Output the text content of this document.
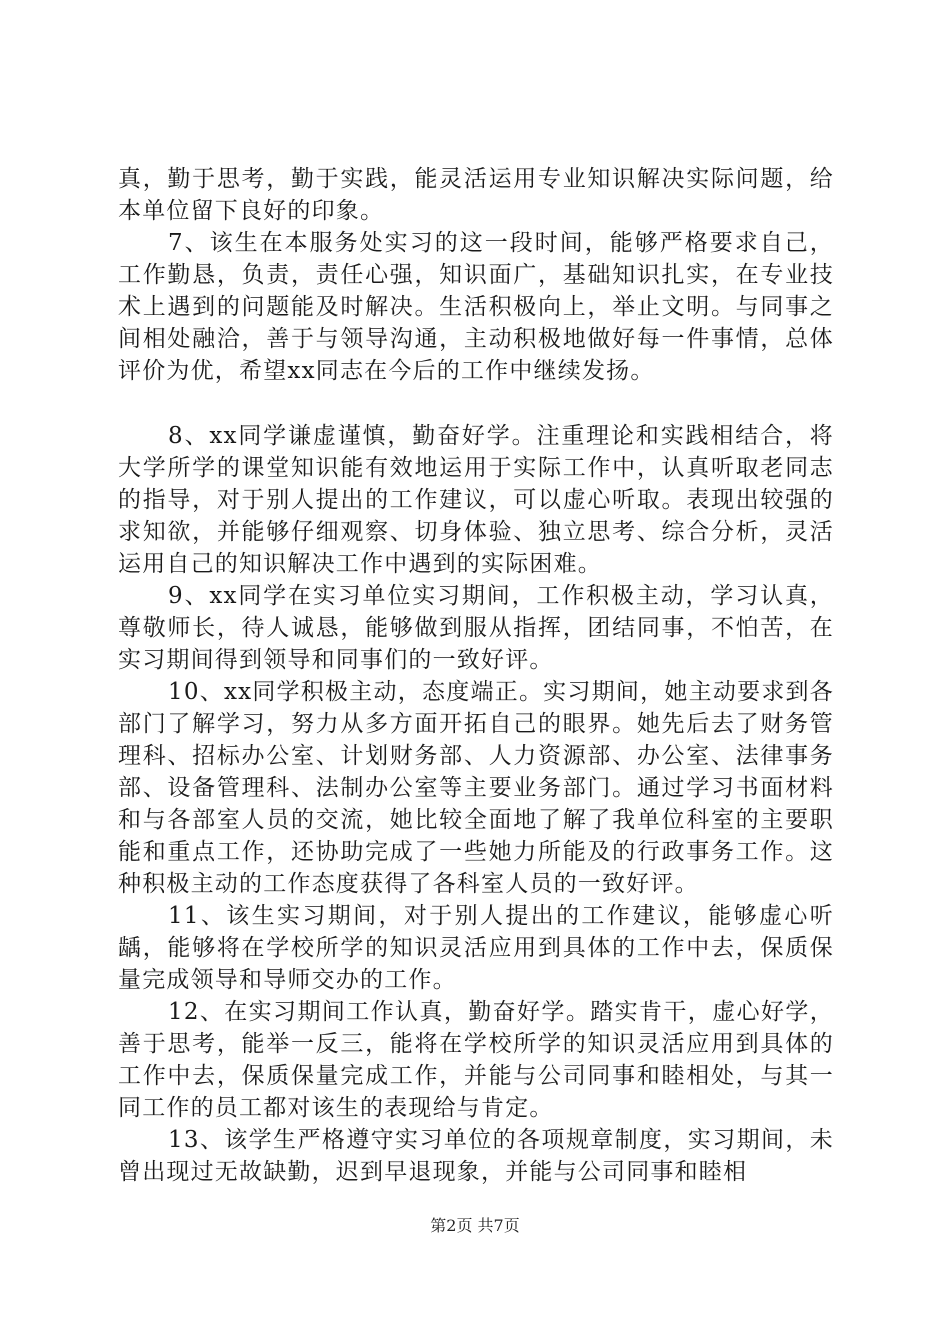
真，勤于思考，勤于实践，能灵活运用专业知识解决实际问题，给本单位留下良好的印象。

7、该生在本服务处实习的这一段时间，能够严格要求自己，工作勤恳，负责，责任心强，知识面广，基础知识扎实，在专业技术上遇到的问题能及时解决。生活积极向上，举止文明。与同事之间相处融洽，善于与领导沟通，主动积极地做好每一件事情，总体评价为优，希望xx同志在今后的工作中继续发扬。

8、xx同学谦虚谨慎，勤奋好学。注重理论和实践相结合，将大学所学的课堂知识能有效地运用于实际工作中，认真听取老同志的指导，对于别人提出的工作建议，可以虚心听取。表现出较强的求知欲，并能够仔细观察、切身体验、独立思考、综合分析，灵活运用自己的知识解决工作中遇到的实际困难。

9、xx同学在实习单位实习期间，工作积极主动，学习认真，尊敬师长，待人诚恳，能够做到服从指挥，团结同事，不怕苦，在实习期间得到领导和同事们的一致好评。

10、xx同学积极主动，态度端正。实习期间，她主动要求到各部门了解学习，努力从多方面开拓自己的眼界。她先后去了财务管理科、招标办公室、计划财务部、人力资源部、办公室、法律事务部、设备管理科、法制办公室等主要业务部门。通过学习书面材料和与各部室人员的交流，她比较全面地了解了我单位科室的主要职能和重点工作，还协助完成了一些她力所能及的行政事务工作。这种积极主动的工作态度获得了各科室人员的一致好评。

11、该生实习期间，对于别人提出的工作建议，能够虚心听龋，能够将在学校所学的知识灵活应用到具体的工作中去，保质保量完成领导和导师交办的工作。

12、在实习期间工作认真，勤奋好学。踏实肯干，虚心好学，善于思考，能举一反三，能将在学校所学的知识灵活应用到具体的工作中去，保质保量完成工作，并能与公司同事和睦相处，与其一同工作的员工都对该生的表现给与肯定。

13、该学生严格遵守实习单位的各项规章制度，实习期间，未曾出现过无故缺勤，迟到早退现象，并能与公司同事和睦相

第2页 共7页
